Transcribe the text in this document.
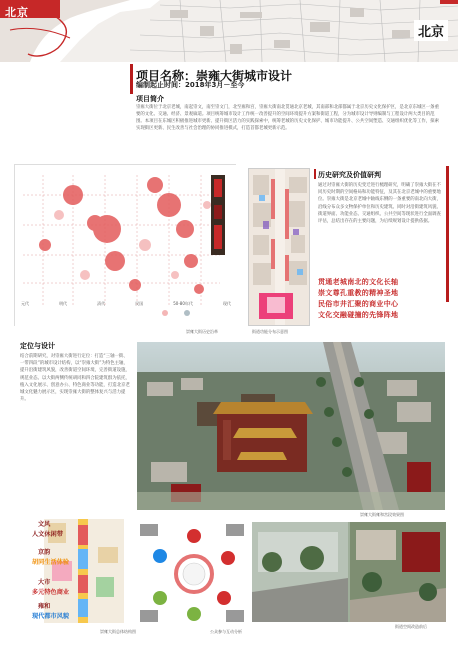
北京
北京
项目名称：崇雍大街城市设计
编制起止时间：2018年3月－至今
项目简介
崇雍大街位于北京老城，南起崇文，南至崇文门，北至雍和宫，崇雍大街南北贯通北京老城，其南部和北部都属于北京历史文化保护区，是北京东城区一条重要的文化、交通、经济、景观廊道。项目统筹城市设计工作统一改善提升的空间环境提升方案和街道工程，分为城市设计导则编制与工程设计两大类目的范围。本项目在东城区积极推进城市更新、提升街区活力的实践探索中，统筹老城的历史文化保护、城市功能提升、公共空间塑造、交通组织优化等工作，探索实现街区更新、民生改善与社会治理的协同推进模式，打造首都老城更新示范。
元代	明代	清代	民国	50-80年代	现代
崇雍大街历史沿革	街道功能分布示意图
历史研究及价值研判
通过对崇雍大街的历史变迁进行梳理研究，明确了崇雍大街在不同历史时期的空间格局和功能特征，及其在北京老城中的重要地位。崇雍大街是北京老城中轴线东侧的一条重要的南北向大街，沿线分布众多文物保护单位和历史建筑。同时对沿街建筑风貌、街道界面、功能业态、交通组织、公共空间等现状进行全面调查评估，总结出存在的主要问题，为后续规划设计提供依据。
贯通老城南北的文化长轴
崇文尊孔重教的精神圣地
民俗市井汇聚的商业中心
文化交融碰撞的先锋阵地
定位与设计
结合前期研究，对崇雍大街进行定位：打造“三轴一街、一带四段”的城市设计结构，以“崇雍大街”为特色主轴，提升沿街建筑风貌，改善街道空间环境，完善街道设施，规范业态。以大街两侧传统胡同和四合院建筑群为依托，植入文化展示、创意办公、特色商业等功能，打造北京老城文化魅力展示区，实现崇雍大街的整体复兴与活力提升。
崇雍大街雍和宫段效果图
文风
人文休闲带
京韵
胡同生活体验
大市
多元特色商业
雍和
现代都市风貌
崇雍大街总体结构图	公众参与互动分析
街道空间改造前后
